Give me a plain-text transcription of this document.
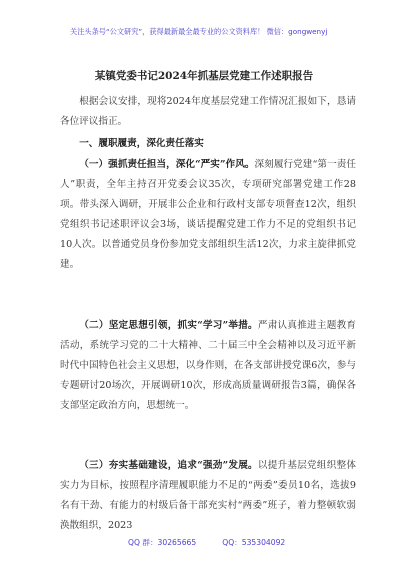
关注头条号“公文研究”，获得最新最全最专业的公文资料库！ 微信：gongwenyj
某镇党委书记2024年抓基层党建工作述职报告

根据会议安排，现将2024年度基层党建工作情况汇报如下，恳请各位评议指正。

一、履职履责，深化责任落实

（一）强抓责任担当，深化“严实”作风。深刻履行党建“第一责任人”职责，全年主持召开党委会议35次，专项研究部署党建工作28项。带头深入调研，开展非公企业和行政村支部专项督查12次，组织党组织书记述职评议会3场，谈话提醒党建工作力不足的党组织书记10人次。以普通党员身份参加党支部组织生活12次，力求主旋律抓党建。

（二）坚定思想引领，抓实“学习”举措。严肃认真推进主题教育活动，系统学习党的二十大精神、二十届三中全会精神以及习近平新时代中国特色社会主义思想，以身作则，在各支部讲授党课6次，参与专题研讨20场次，开展调研10次，形成高质量调研报告3篇，确保各支部坚定政治方向，思想统一。

（三）夯实基础建设，追求“强劲”发展。以提升基层党组织整体实力为目标，按照程序清理履职能力不足的“两委”委员10名，选拔9名有干劲、有能力的村级后备干部充实村“两委”班子，着力整顿软弱涣散组织，2023

QQ 群：30265665	QQ：535304092
